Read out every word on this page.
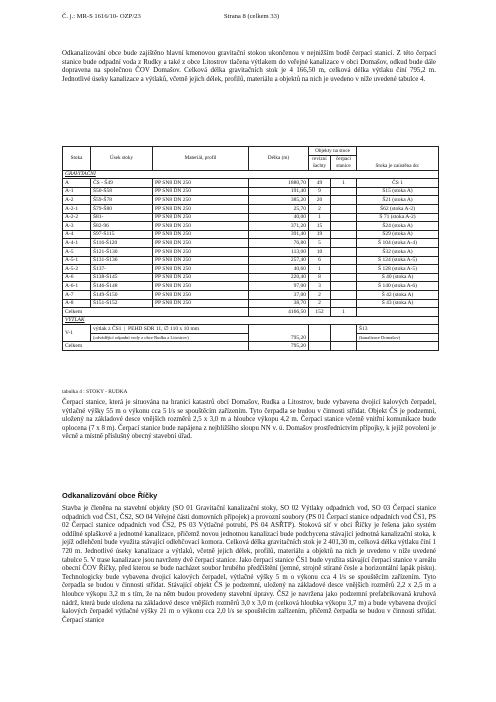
Č. j.: MR-S 1616/10- OZP/23	Strana 8 (celkem 33)

Odkanalizování obce bude zajištěno hlavní kmenovou gravitační stokou ukončenou v nejnižším bodě čerpací stanicí. Z této čerpací stanice bude odpadní voda z Rudky a také z obce Litostrov tlačena výtlakem do veřejné kanalizace v obci Domašov, odkud bude dále dopravena na společnou ČOV Domašov. Celková délka gravitačních stok je 4 166,50 m, celková délka výtlaku činí 795,2 m. Jednotlivé úseky kanalizace a výtlaků, včetně jejich délek, profilů, materiálu a objektů na nich je uvedeno v níže uvedené tabulce 4.

Stoka	Úsek stoky	Materiál, profil	Délka (m)	Objekty na stoce		Stoka je zaústěna do:
				revizní šachty	čerpací stanice	
GRAVITAČNÍ						
A	ČS - Š49	PP SN8 DN 250	1880,70	49	1	ČS 1
A-1	Š50-Š58	PP SN8 DN 250	191,40	9		Š15 (stoka A)
A-2	Š59-Š78	PP SN8 DN 250	385,20	20		Š21 (stoka A)
A-2-1	Š79-Š80	PP SN8 DN 250	25,70	2		Š62 (stoka A-2)
A-2-2	Š81-	PP SN8 DN 250	40,00	1		Š 71 (stoka A-2)
A-3	Š82-96	PP SN8 DN 250	371,20	15		Š24 (stoka A)
A-4	Š97-Š115	PP SN8 DN 250	391,40	19		Š29 (stoka A)
A-4-1	Š116-Š120	PP SN8 DN 250	76,80	5		Š 104 (stoka A-4)
A-5	Š121-Š130	PP SN8 DN 250	113,00	10		Š32 (stoka A)
A-5-1	Š131-Š136	PP SN8 DN 250	257,40	6		Š 124 (stoka A-5)
A-5-2	Š137-	PP SN8 DN 250	40,60	1		Š 128 (stoka A-5)
A-6	Š138-Š145	PP SN8 DN 250	220,40	8		Š 40 (stoka A)
A-6-1	Š146-Š148	PP SN8 DN 250	97,00	3		Š 140 (stoka A-6)
A-7	Š149-Š150	PP SN8 DN 250	37,00	2		Š 42 (stoka A)
A-8	Š151-Š152	PP SN8 DN 250	38,70	2		Š 43 (stoka A)
Celkem			4166,50	152	1	
VÝTLAK						
V-1	výtlak z ČS1  |  PEHD SDR 11, ∅ 110 x 10 mm		795,20			Š13
	(odvádějící odpadní vody z obce Rudka a Litostrov)					(kanalizace Domašov)
Celkem			795,20			
tabulka 4 : STOKY - RUDKA

Čerpací stanice, která je situována na hranici katastrů obcí Domašov, Rudka a Litostrov, bude vybavena dvojicí kalových čerpadel, výtlačné výšky 55 m o výkonu cca 5 l/s se spouštěcím zařízením. Tyto čerpadla se budou v činnosti střídat. Objekt ČS je podzemní, uložený na základové desce vnějších rozměrů 2,5 x 3,0 m a hloubce výkopu 4,2 m. Čerpací stanice včetně vnitřní komunikace bude oplocena (7 x 8 m). Čerpací stanice bude napájena z nejbližšího sloupu NN v. ú. Domašov prostřednictvím přípojky, k jejíž povolení je věcně a místně příslušný obecný stavební úřad.

Odkanalizování obce Říčky

Stavba je členěna na stavební objekty (SO 01 Gravitační kanalizační stoky, SO 02 Výtlaky odpadních vod, SO 03 Čerpací stanice odpadních vod ČS1, ČS2, SO 04 Veřejné části domovních přípojek) a provozní soubory (PS 01 Čerpací stanice odpadních vod ČS1, PS 02 Čerpací stanice odpadních vod ČS2, PS 03 Výtlačné potrubí, PS 04 ASŘTP). Stoková síť v obci Říčky je řešena jako systém oddílné splaškové a jednotné kanalizace, přičemž novou jednotnou kanalizací bude podchycena stávající jednotná kanalizační stoka, k jejíž odlehčení bude využita stávající odlehčovací komora. Celková délka gravitačních stok je 2 401,30 m, celková délka výtlaku činí 1 720 m. Jednotlivé úseky kanalizace a výtlaků, včetně jejich délek, profilů, materiálu a objektů na nich je uvedeno v níže uvedené tabulce 5. V trase kanalizace jsou navrženy dvě čerpací stanice. Jako čerpací stanice ČS1 bude využita stávající čerpací stanice v areálu obecní ČOV Říčky, před kterou se bude nacházet soubor hrubého předčištění (jemné, strojně stírané česle a horizontální lapák písku). Technologicky bude vybavena dvojicí kalových čerpadel, výtlačné výšky 5 m o výkonu cca 4 l/s se spouštěcím zařízením. Tyto čerpadla se budou v činnosti střídat. Stávající objekt ČS je podzemní, uložený na základové desce vnějších rozměrů 2,2 x 2,5 m a hloubce výkopu 3,2 m s tím, že na něm budou provedeny stavební úpravy. ČS2 je navržena jako podzemní prefabrikovaná kruhová nádrž, která bude uložena na základové desce vnějších rozměrů 3,0 x 3,0 m (celková hloubka výkopu 3,7 m) a bude vybavena dvojicí kalových čerpadel výtlačné výšky 21 m o výkonu cca 2,0 l/s se spouštěcím zařízením, přičemž čerpadla se budou v činnosti střídat. Čerpací stanice
